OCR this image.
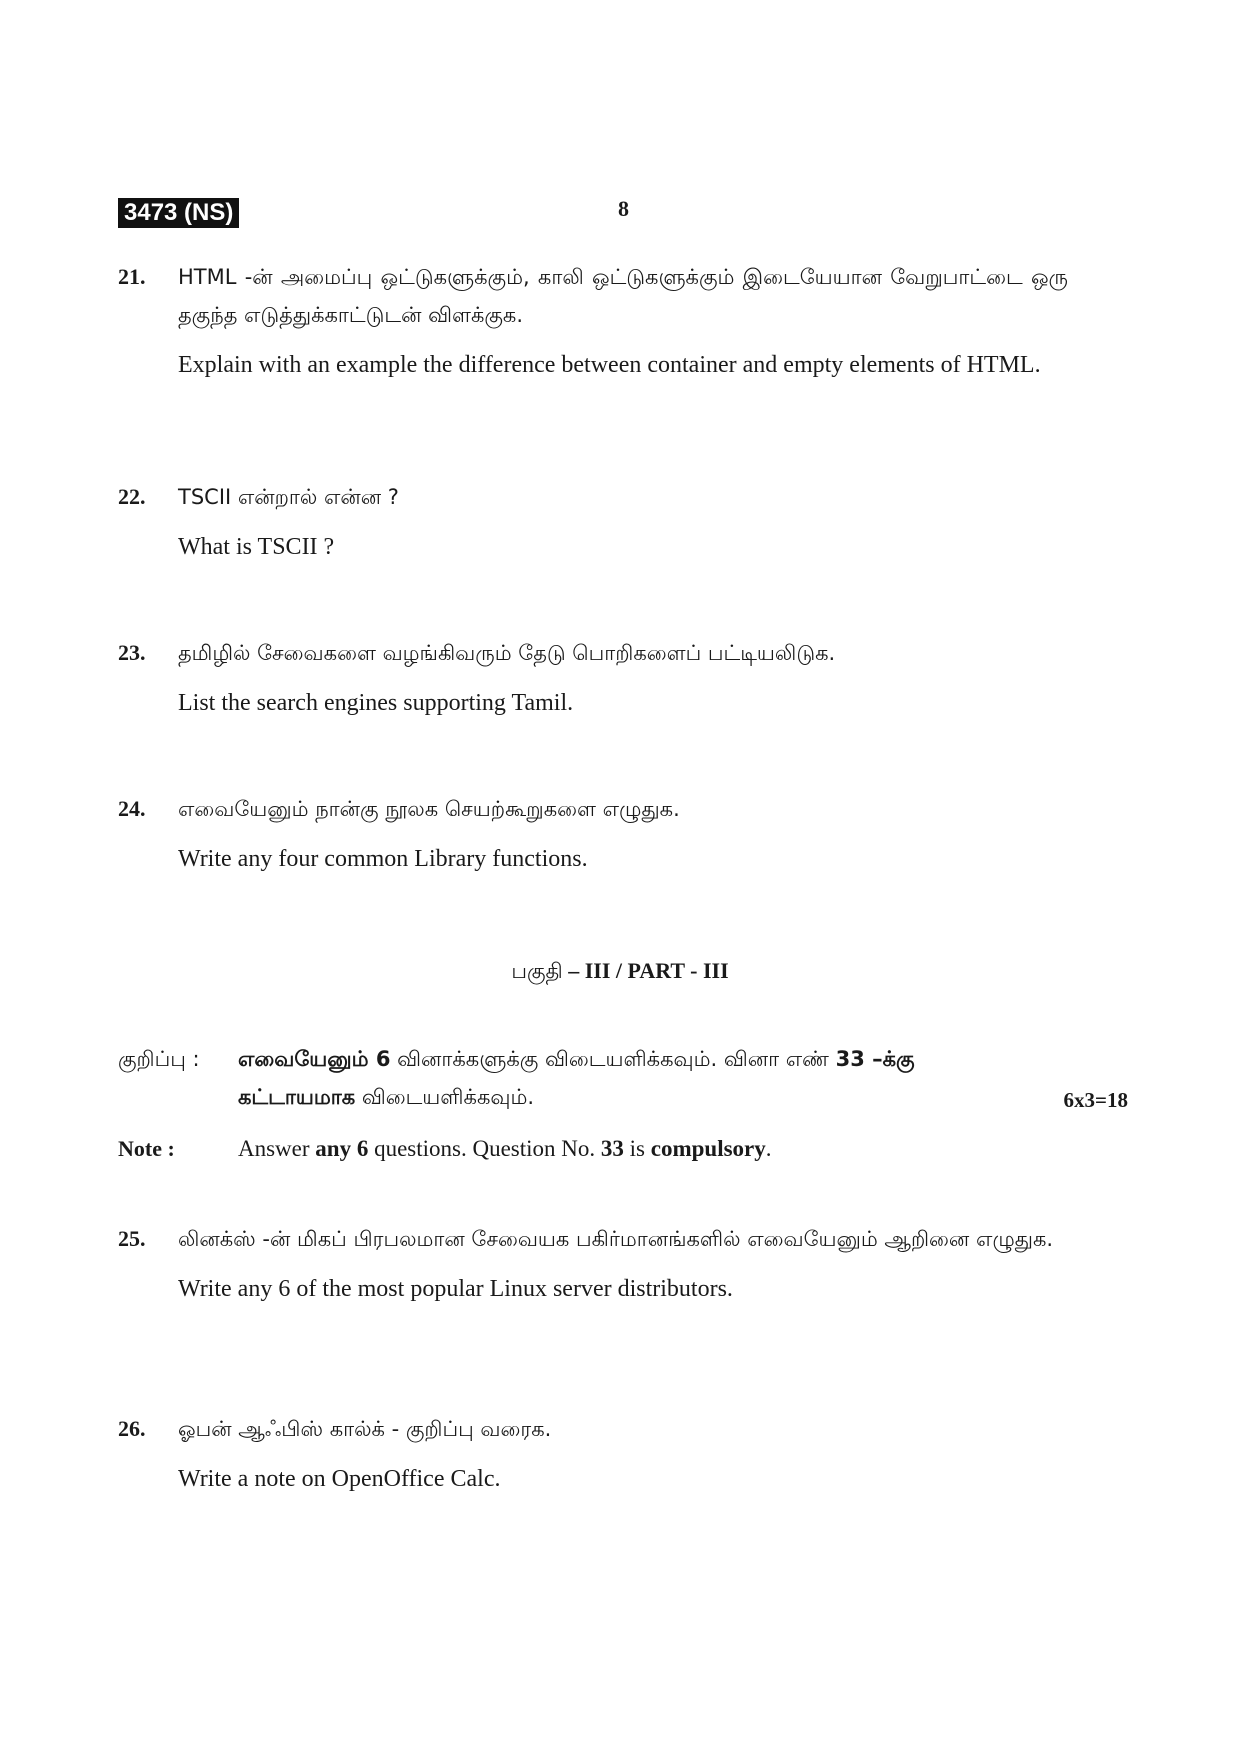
3473 (NS)	8
21. HTML -ன் அமைப்பு ஒட்டுகளுக்கும், காலி ஒட்டுகளுக்கும் இடையேயான வேறுபாட்டை ஒரு தகுந்த எடுத்துக்காட்டுடன் விளக்குக.
Explain with an example the difference between container and empty elements of HTML.
22. TSCII என்றால் என்ன ?
What is TSCII ?
23. தமிழில் சேவைகளை வழங்கிவரும் தேடு பொறிகளைப் பட்டியலிடுக.
List the search engines supporting Tamil.
24. எவையேனும் நான்கு நூலக செயற்கூறுகளை எழுதுக.
Write any four common Library functions.
பகுதி – III / PART - III
குறிப்பு : எவையேனும் 6 வினாக்களுக்கு விடையளிக்கவும். வினா எண் 33 –க்கு
கட்டாயமாக விடையளிக்கவும்.	6x3=18
Note :	Answer any 6 questions. Question No. 33 is compulsory.
25. லினக்ஸ் -ன் மிகப் பிரபலமான சேவையக பகிர்மானங்களில் எவையேனும் ஆறினை எழுதுக.
Write any 6 of the most popular Linux server distributors.
26. ஓபன் ஆஃபிஸ் கால்க் - குறிப்பு வரைக.
Write a note on OpenOffice Calc.
